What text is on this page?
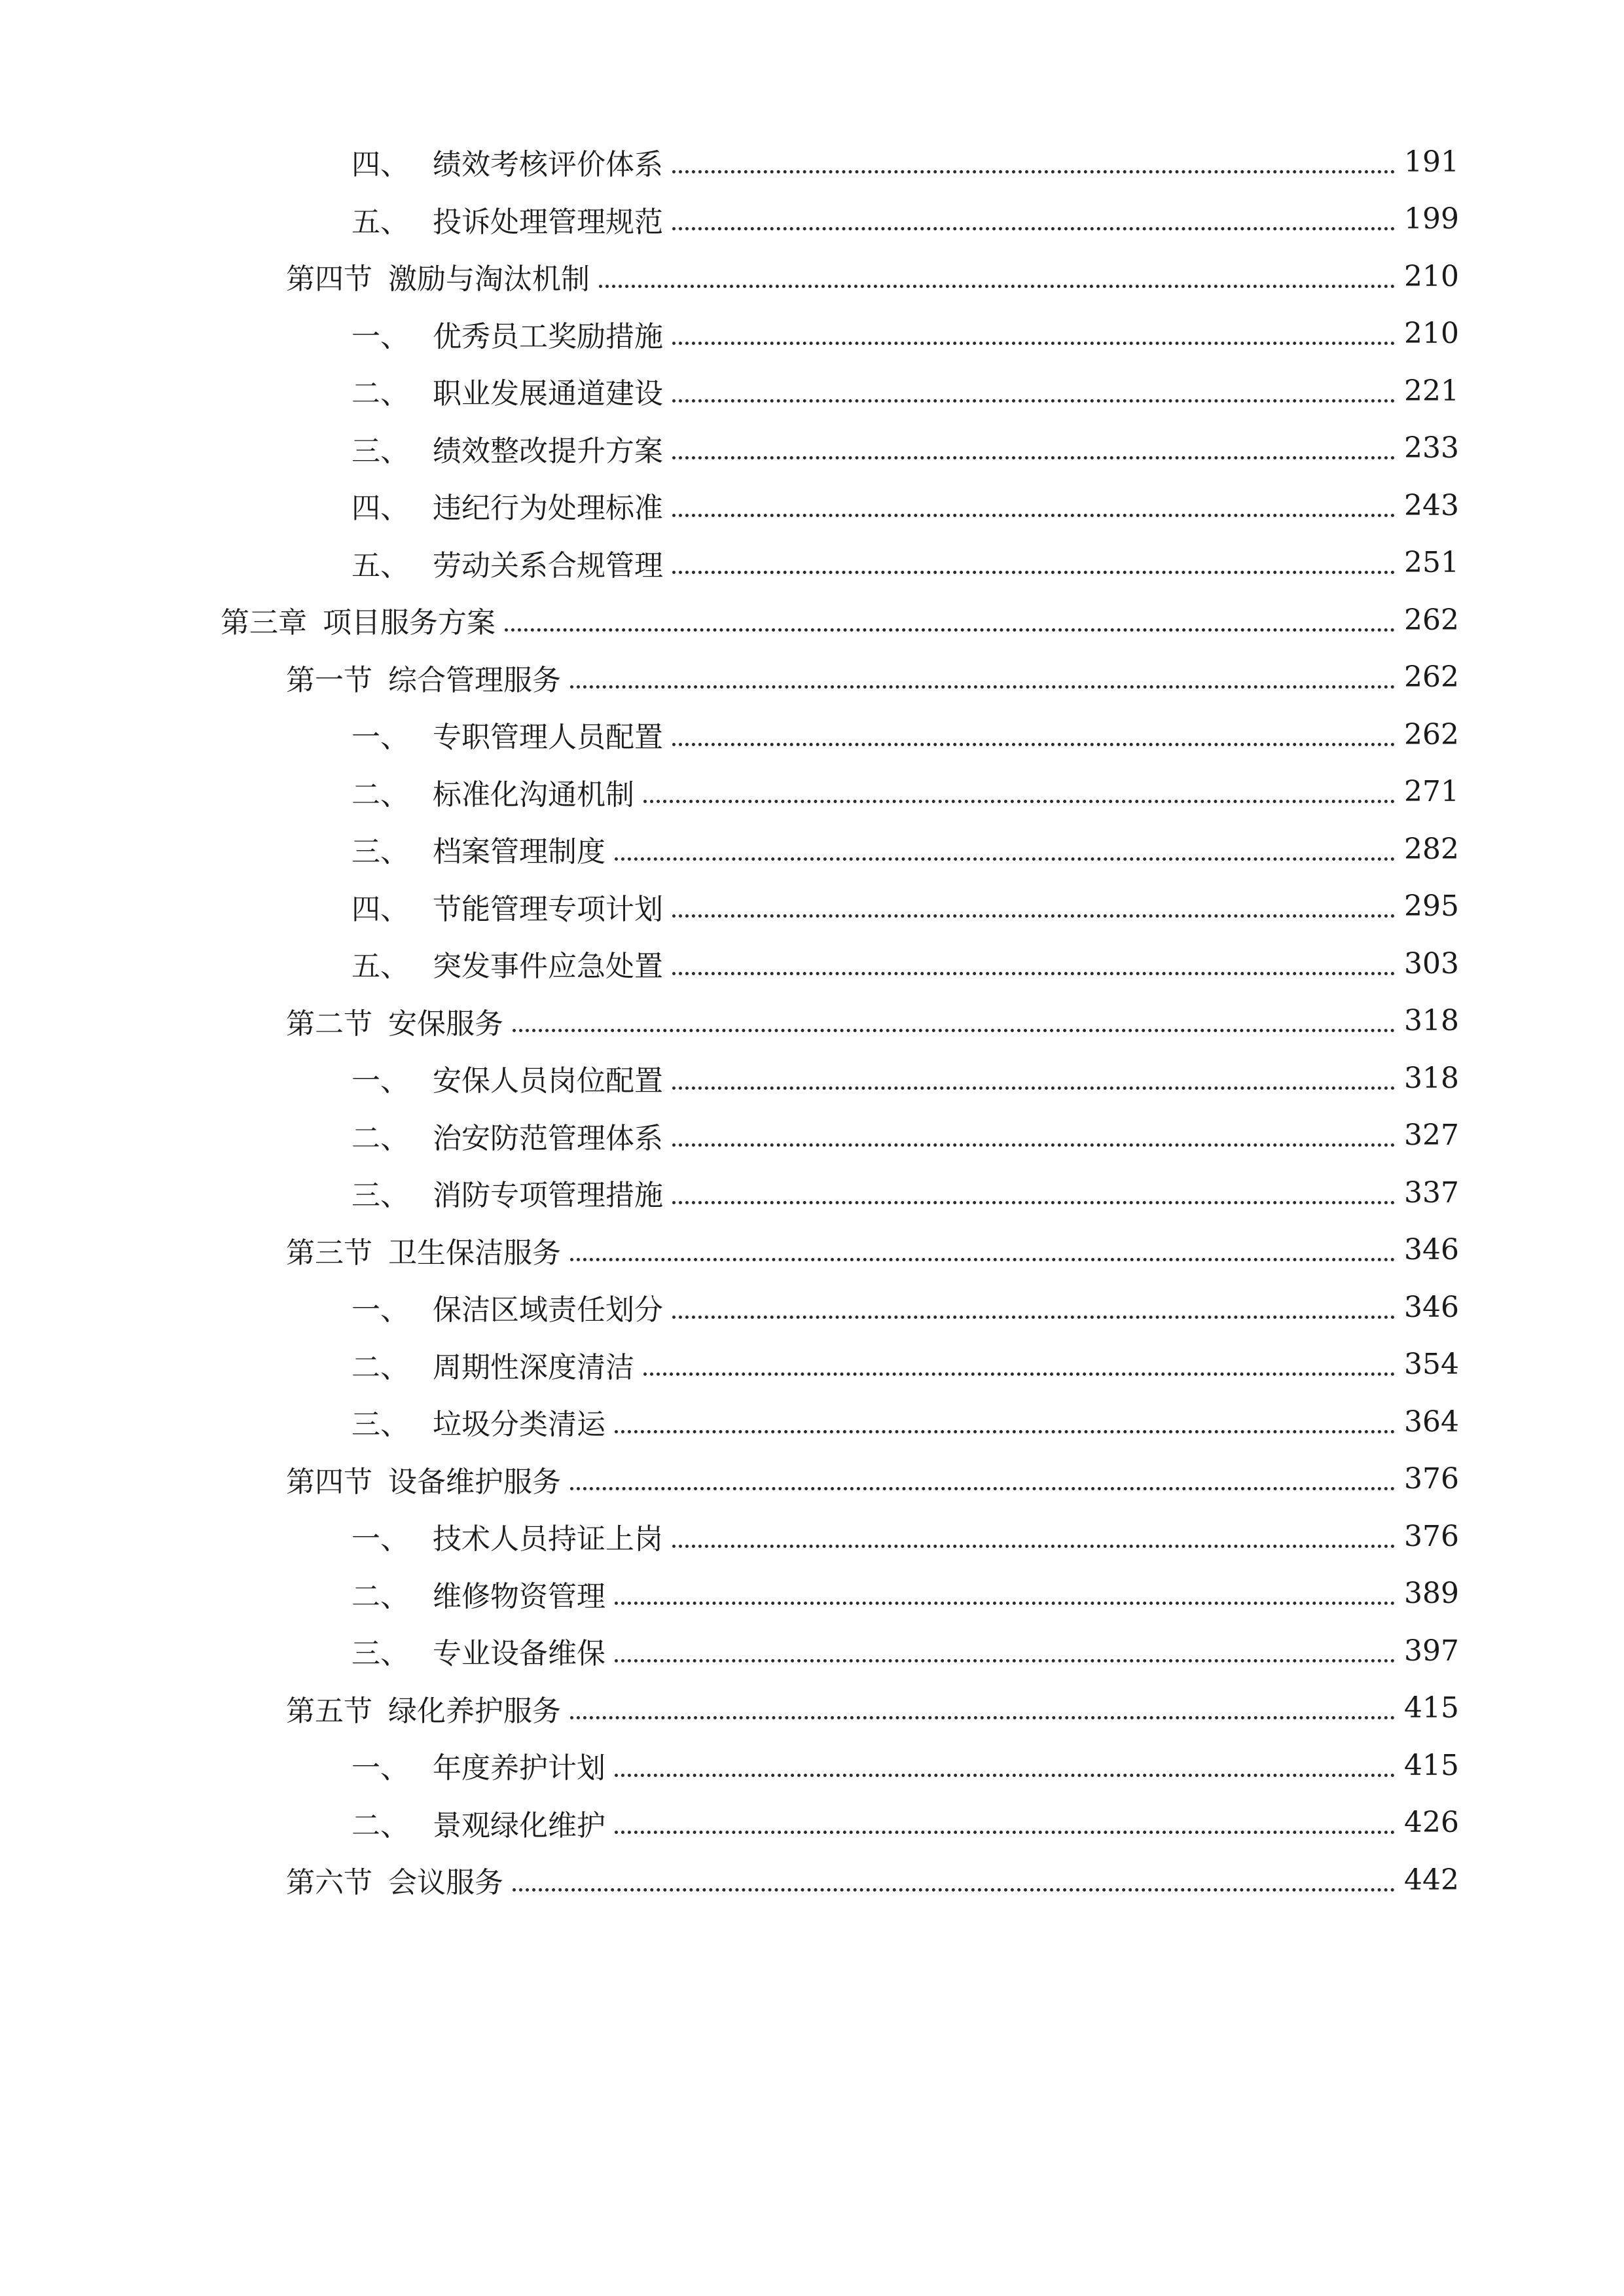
四、 绩效考核评价体系	191
五、 投诉处理管理规范	199
第四节 激励与淘汰机制	210
一、 优秀员工奖励措施	210
二、 职业发展通道建设	221
三、 绩效整改提升方案	233
四、 违纪行为处理标准	243
五、 劳动关系合规管理	251
第三章 项目服务方案	262
第一节 综合管理服务	262
一、 专职管理人员配置	262
二、 标准化沟通机制	271
三、 档案管理制度	282
四、 节能管理专项计划	295
五、 突发事件应急处置	303
第二节 安保服务	318
一、 安保人员岗位配置	318
二、 治安防范管理体系	327
三、 消防专项管理措施	337
第三节 卫生保洁服务	346
一、 保洁区域责任划分	346
二、 周期性深度清洁	354
三、 垃圾分类清运	364
第四节 设备维护服务	376
一、 技术人员持证上岗	376
二、 维修物资管理	389
三、 专业设备维保	397
第五节 绿化养护服务	415
一、 年度养护计划	415
二、 景观绿化维护	426
第六节 会议服务	442
